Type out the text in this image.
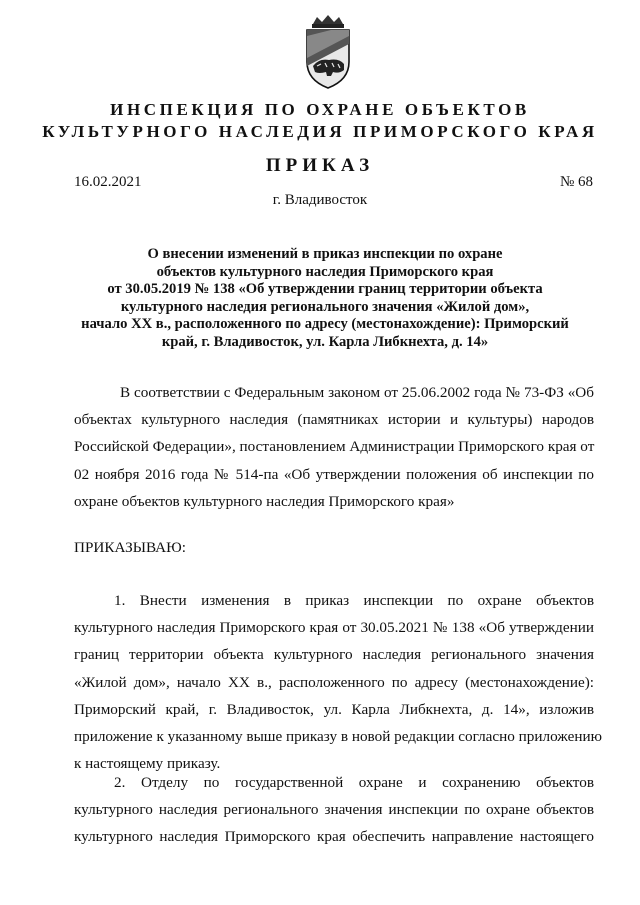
ИНСПЕКЦИЯ ПО ОХРАНЕ ОБЪЕКТОВ
КУЛЬТУРНОГО НАСЛЕДИЯ ПРИМОРСКОГО КРАЯ
ПРИКАЗ
16.02.2021	№ 68
г. Владивосток
О внесении изменений в приказ инспекции по охране
объектов культурного наследия Приморского края
от 30.05.2019 № 138 «Об утверждении границ территории объекта
культурного наследия регионального значения «Жилой дом»,
начало XX в., расположенного по адресу (местонахождение): Приморский
край, г. Владивосток, ул. Карла Либкнехта, д. 14»
В соответствии с Федеральным законом от 25.06.2002 года № 73-ФЗ «Об
объектах культурного наследия (памятниках истории и культуры) народов
Российской Федерации», постановлением Администрации Приморского края от
02 ноября 2016 года № 514-па «Об утверждении положения об инспекции по
охране объектов культурного наследия Приморского края»
ПРИКАЗЫВАЮ:
1. Внести изменения в приказ инспекции по охране объектов
культурного наследия Приморского края от 30.05.2021 № 138 «Об утверждении
границ территории объекта культурного наследия регионального значения
«Жилой дом», начало XX в., расположенного по адресу (местонахождение):
Приморский край, г. Владивосток, ул. Карла Либкнехта, д. 14», изложив
приложение к указанному выше приказу в новой редакции согласно приложению
к настоящему приказу.
2. Отделу по государственной охране и сохранению объектов
культурного наследия регионального значения инспекции по охране объектов
культурного наследия Приморского края обеспечить направление настоящего
